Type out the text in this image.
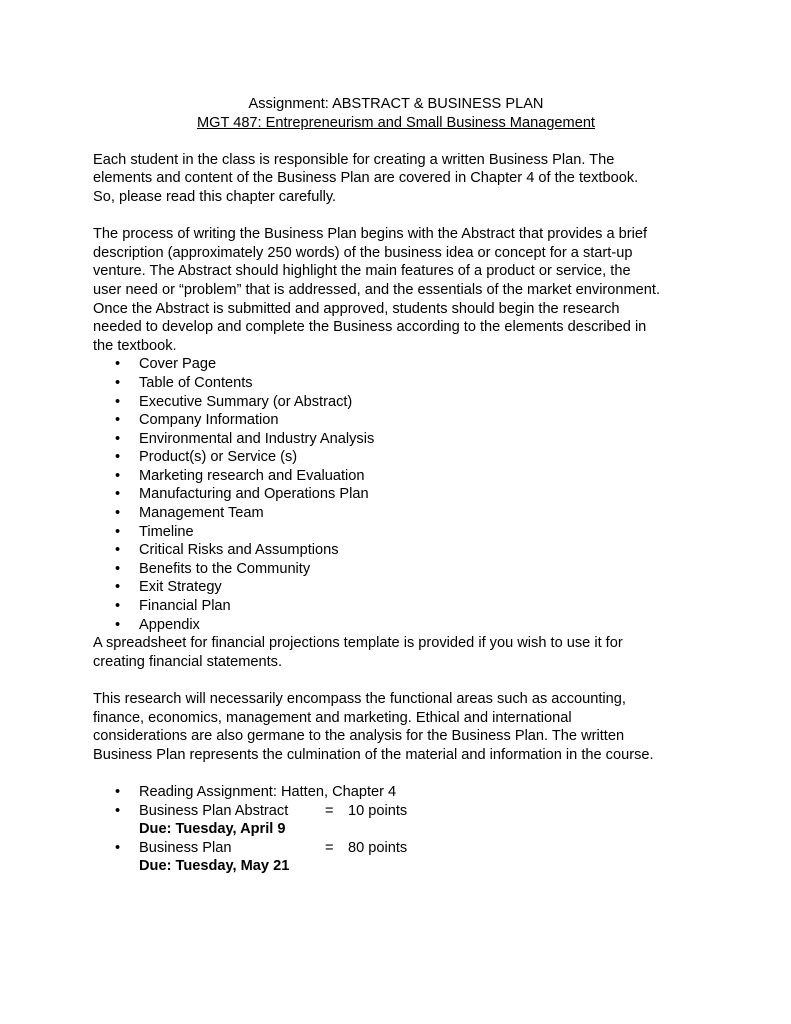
Assignment: ABSTRACT & BUSINESS PLAN
MGT 487: Entrepreneurism and Small Business Management

Each student in the class is responsible for creating a written Business Plan. The

elements and content of the Business Plan are covered in Chapter 4 of the textbook.

So, please read this chapter carefully.

The process of writing the Business Plan begins with the Abstract that provides a brief

description (approximately 250 words) of the business idea or concept for a start-up

venture. The Abstract should highlight the main features of a product or service, the

user need or “problem” that is addressed, and the essentials of the market environment.

Once the Abstract is submitted and approved, students should begin the research

needed to develop and complete the Business according to the elements described in

the textbook.

• Cover Page
• Table of Contents
• Executive Summary (or Abstract)
• Company Information
• Environmental and Industry Analysis
• Product(s) or Service (s)
• Marketing research and Evaluation
• Manufacturing and Operations Plan
• Management Team
• Timeline
• Critical Risks and Assumptions
• Benefits to the Community
• Exit Strategy
• Financial Plan
• Appendix

A spreadsheet for financial projections template is provided if you wish to use it for

creating financial statements.

This research will necessarily encompass the functional areas such as accounting,

finance, economics, management and marketing. Ethical and international

considerations are also germane to the analysis for the Business Plan. The written

Business Plan represents the culmination of the material and information in the course.

• Reading Assignment: Hatten, Chapter 4
• Business Plan Abstract	= 10 points
Due: Tuesday, April 9
• Business Plan	= 80 points
Due: Tuesday, May 21
